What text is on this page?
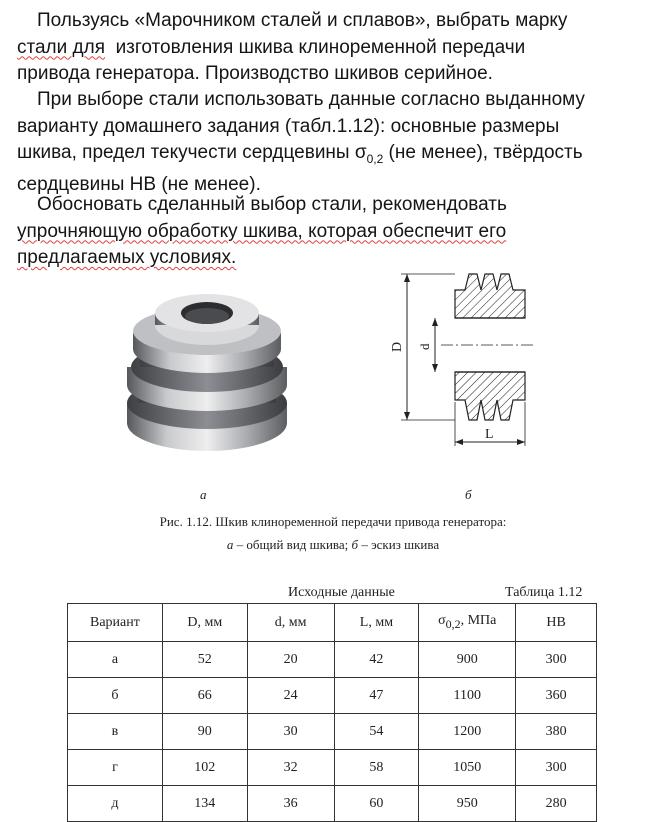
Пользуясь «Марочником сталей и сплавов», выбрать марку
стали для изготовления шкива клиноременной передачи
привода генератора. Производство шкивов серийное.
При выборе стали использовать данные согласно выданному
варианту домашнего задания (табл.1.12): основные размеры
шкива, предел текучести сердцевины $\sigma_{0,2}$ (не менее), твёрдость
сердцевины HB (не менее).
Обосновать сделанный выбор стали, рекомендовать
упрочняющую обработку шкива, которая обеспечит его
предлагаемых условиях.
а
D d
L
б
Рис. 1.12. Шкив клиноременной передачи привода генератора:
а – общий вид шкива; б – эскиз шкива
Исходные данные	Таблица 1.12
Вариант	D, мм	d, мм	L, мм	$\sigma_{0,2}$, МПа	HB
а	52	20	42	900	300
б	66	24	47	1100	360
в	90	30	54	1200	380
г	102	32	58	1050	300
д	134	36	60	950	280
